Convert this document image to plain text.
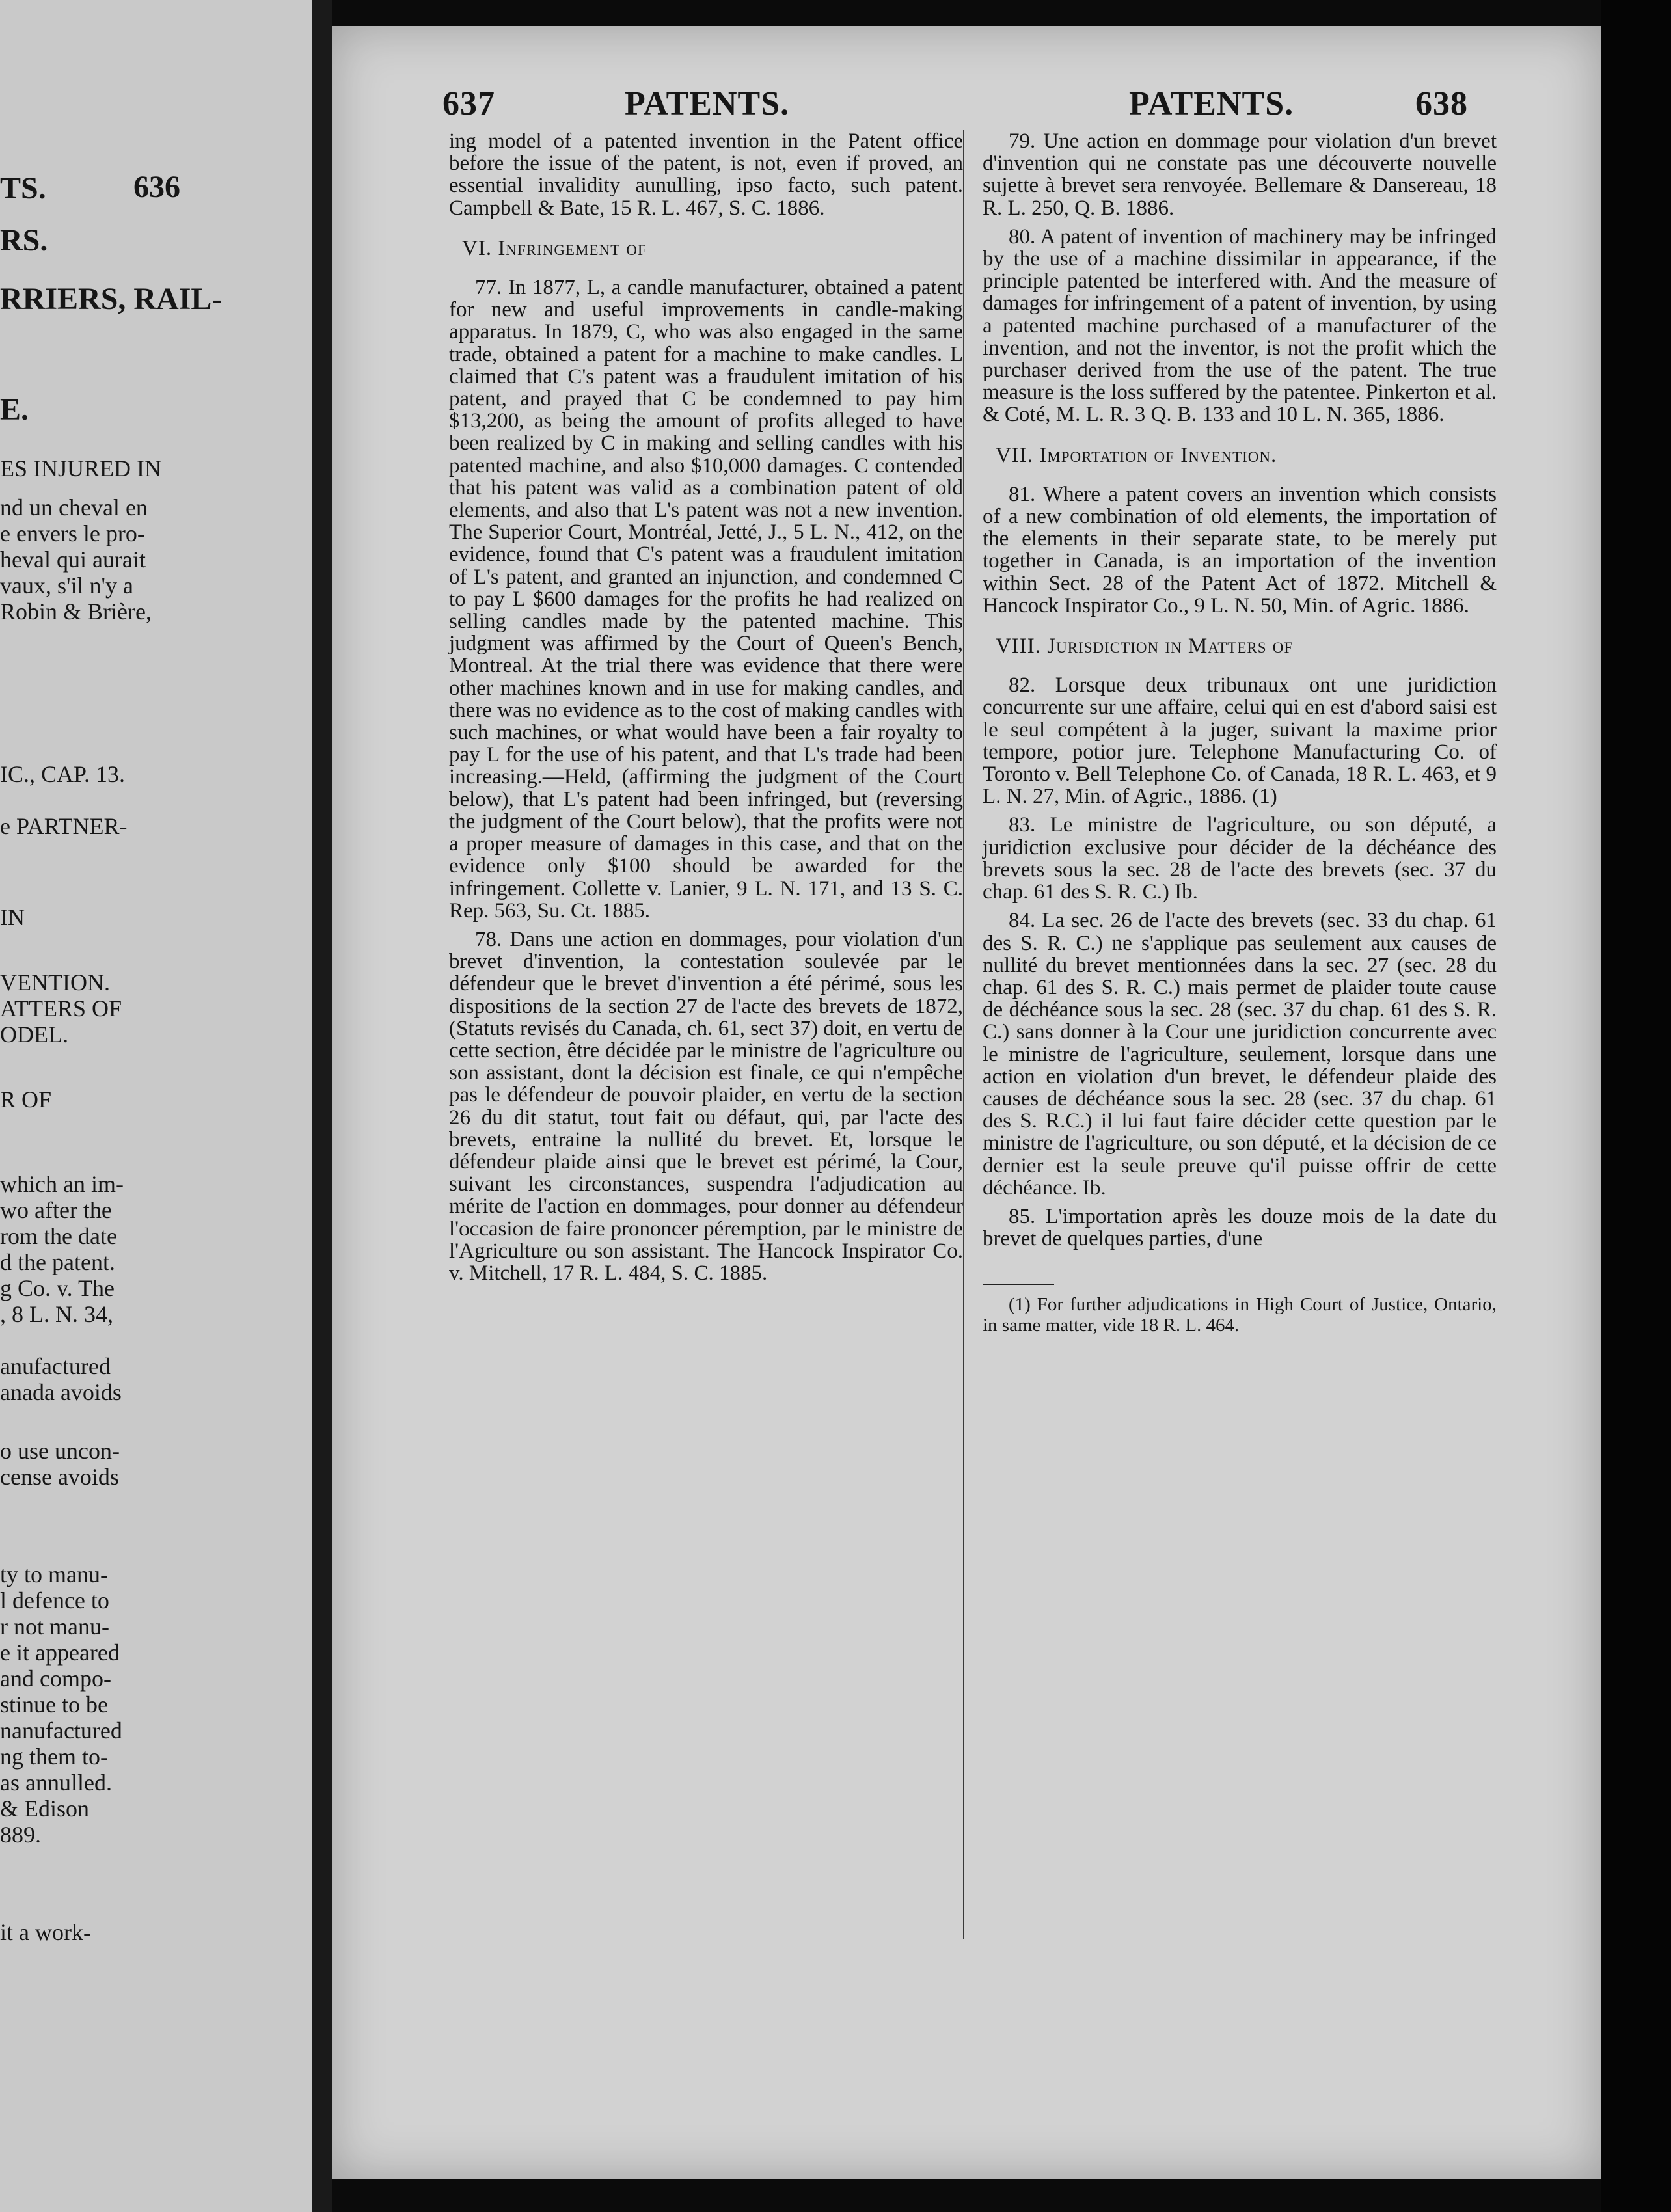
636
TS.
RS.
RRIERS, RAIL-
E.
ES INJURED IN
nd un cheval en
e envers le pro-
heval qui aurait
vaux, s'il n'y a
Robin & Brière,
IC., CAP. 13.
e PARTNER-
IN
VENTION.
ATTERS OF
ODEL.
R OF
which an im-
wo after the
rom the date
d the patent.
g Co. v. The
, 8 L. N. 34,
anufactured
anada avoids
o use uncon-
cense avoids
ty to manu-
l defence to
r not manu-
e it appeared
and compo-
stinue to be
nanufactured
ng them to-
as annulled.
& Edison
889.
it a work-
637	PATENTS.	PATENTS.	638

ing model of a patented invention in the Patent office before the issue of the patent, is not, even if proved, an essential invalidity aunulling, ipso facto, such patent. Campbell & Bate, 15 R. L. 467, S. C. 1886.

VI. Infringement of

77. In 1877, L, a candle manufacturer, obtained a patent for new and useful improvements in candle-making apparatus. In 1879, C, who was also engaged in the same trade, obtained a patent for a machine to make candles. L claimed that C's patent was a fraudulent imitation of his patent, and prayed that C be condemned to pay him $13,200, as being the amount of profits alleged to have been realized by C in making and selling candles with his patented machine, and also $10,000 damages. C contended that his patent was valid as a combination patent of old elements, and also that L's patent was not a new invention. The Superior Court, Montréal, Jetté, J., 5 L. N., 412, on the evidence, found that C's patent was a fraudulent imitation of L's patent, and granted an injunction, and condemned C to pay L $600 damages for the profits he had realized on selling candles made by the patented machine. This judgment was affirmed by the Court of Queen's Bench, Montreal. At the trial there was evidence that there were other machines known and in use for making candles, and there was no evidence as to the cost of making candles with such machines, or what would have been a fair royalty to pay L for the use of his patent, and that L's trade had been increasing.—Held, (affirming the judgment of the Court below), that L's patent had been infringed, but (reversing the judgment of the Court below), that the profits were not a proper measure of damages in this case, and that on the evidence only $100 should be awarded for the infringement. Collette v. Lanier, 9 L. N. 171, and 13 S. C. Rep. 563, Su. Ct. 1885.

78. Dans une action en dommages, pour violation d'un brevet d'invention, la contestation soulevée par le défendeur que le brevet d'invention a été périmé, sous les dispositions de la section 27 de l'acte des brevets de 1872, (Statuts revisés du Canada, ch. 61, sect 37) doit, en vertu de cette section, être décidée par le ministre de l'agriculture ou son assistant, dont la décision est finale, ce qui n'empêche pas le défendeur de pouvoir plaider, en vertu de la section 26 du dit statut, tout fait ou défaut, qui, par l'acte des brevets, entraine la nullité du brevet. Et, lorsque le défendeur plaide ainsi que le brevet est périmé, la Cour, suivant les circonstances, suspendra l'adjudication au mérite de l'action en dommages, pour donner au défendeur l'occasion de faire prononcer péremption, par le ministre de l'Agriculture ou son assistant. The Hancock Inspirator Co. v. Mitchell, 17 R. L. 484, S. C. 1885.

79. Une action en dommage pour violation d'un brevet d'invention qui ne constate pas une découverte nouvelle sujette à brevet sera renvoyée. Bellemare & Dansereau, 18 R. L. 250, Q. B. 1886.

80. A patent of invention of machinery may be infringed by the use of a machine dissimilar in appearance, if the principle patented be interfered with. And the measure of damages for infringement of a patent of invention, by using a patented machine purchased of a manufacturer of the invention, and not the inventor, is not the profit which the purchaser derived from the use of the patent. The true measure is the loss suffered by the patentee. Pinkerton et al. & Coté, M. L. R. 3 Q. B. 133 and 10 L. N. 365, 1886.

VII. Importation of Invention.

81. Where a patent covers an invention which consists of a new combination of old elements, the importation of the elements in their separate state, to be merely put together in Canada, is an importation of the invention within Sect. 28 of the Patent Act of 1872. Mitchell & Hancock Inspirator Co., 9 L. N. 50, Min. of Agric. 1886.

VIII. Jurisdiction in Matters of

82. Lorsque deux tribunaux ont une juridiction concurrente sur une affaire, celui qui en est d'abord saisi est le seul compétent à la juger, suivant la maxime prior tempore, potior jure. Telephone Manufacturing Co. of Toronto v. Bell Telephone Co. of Canada, 18 R. L. 463, et 9 L. N. 27, Min. of Agric., 1886. (1)

83. Le ministre de l'agriculture, ou son député, a juridiction exclusive pour décider de la déchéance des brevets sous la sec. 28 de l'acte des brevets (sec. 37 du chap. 61 des S. R. C.) Ib.

84. La sec. 26 de l'acte des brevets (sec. 33 du chap. 61 des S. R. C.) ne s'applique pas seulement aux causes de nullité du brevet mentionnées dans la sec. 27 (sec. 28 du chap. 61 des S. R. C.) mais permet de plaider toute cause de déchéance sous la sec. 28 (sec. 37 du chap. 61 des S. R. C.) sans donner à la Cour une juridiction concurrente avec le ministre de l'agriculture, seulement, lorsque dans une action en violation d'un brevet, le défendeur plaide des causes de déchéance sous la sec. 28 (sec. 37 du chap. 61 des S. R.C.) il lui faut faire décider cette question par le ministre de l'agriculture, ou son député, et la décision de ce dernier est la seule preuve qu'il puisse offrir de cette déchéance. Ib.

85. L'importation après les douze mois de la date du brevet de quelques parties, d'une

(1) For further adjudications in High Court of Justice, Ontario, in same matter, vide 18 R. L. 464.
